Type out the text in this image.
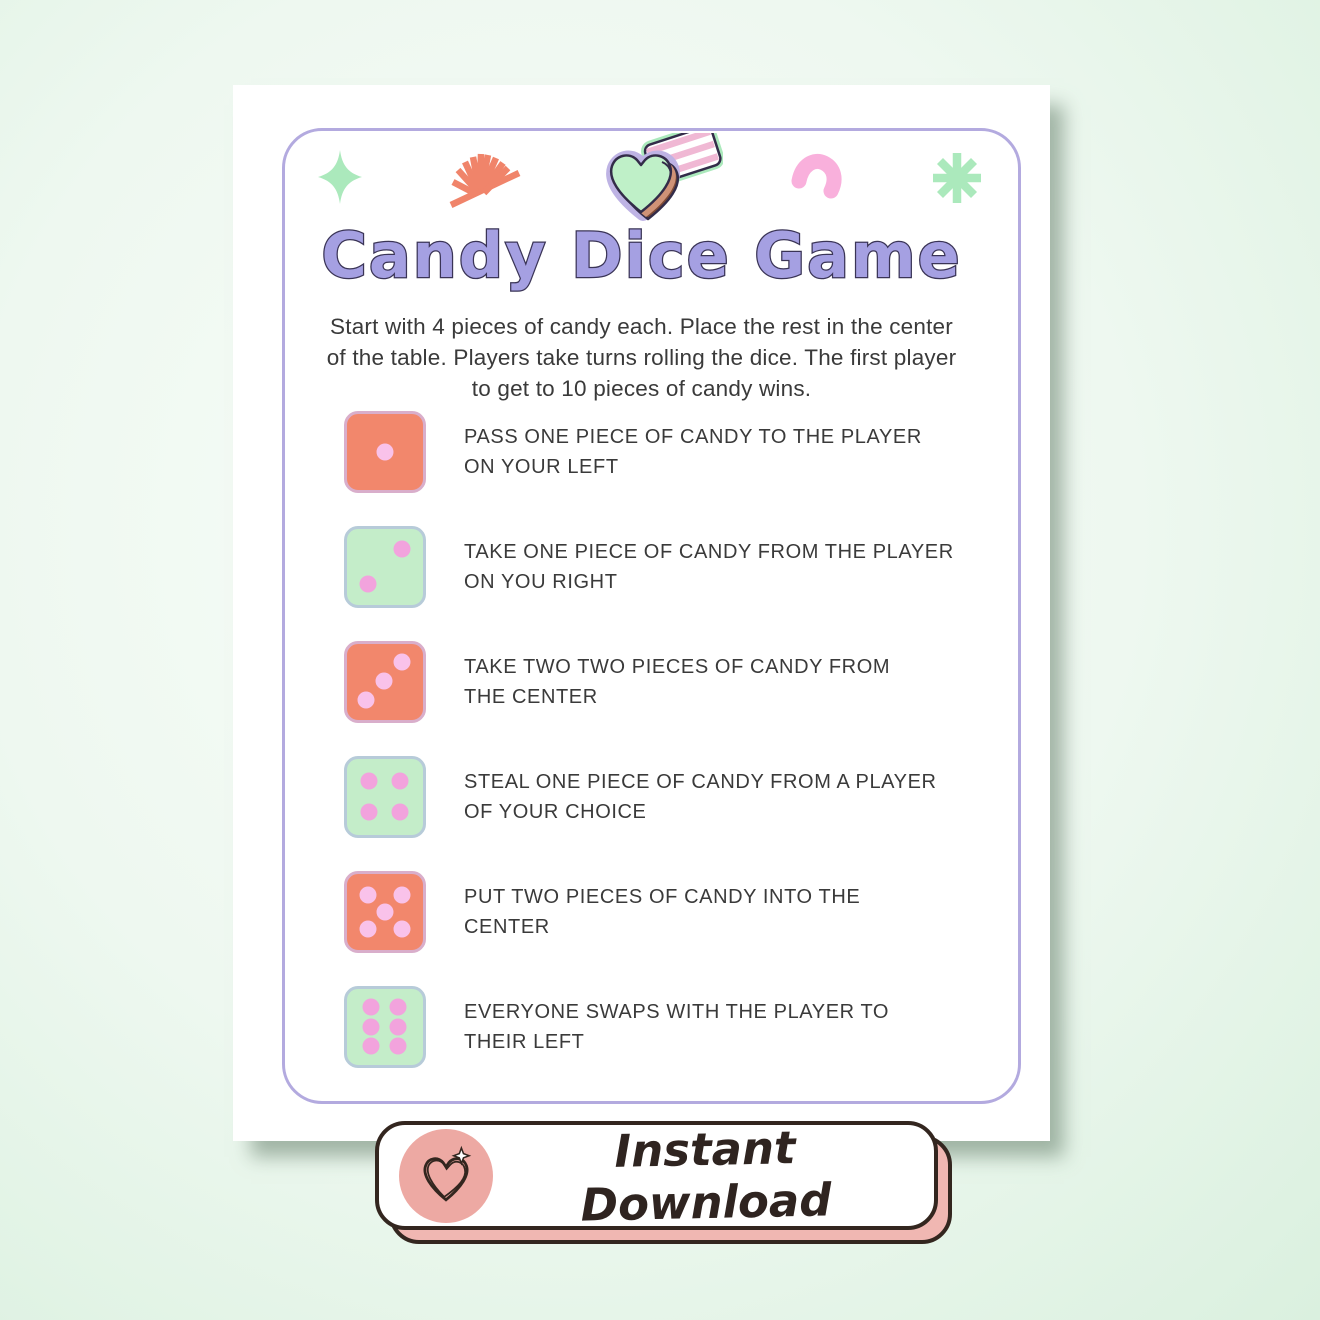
Candy Dice Game
Start with 4 pieces of candy each. Place the rest in the center
of the table. Players take turns rolling the dice. The first player
to get to 10 pieces of candy wins.
PASS ONE PIECE OF CANDY TO THE PLAYER
ON YOUR LEFT
TAKE ONE PIECE OF CANDY FROM THE PLAYER
ON YOU RIGHT
TAKE TWO TWO PIECES OF CANDY FROM
THE CENTER
STEAL ONE PIECE OF CANDY FROM A PLAYER
OF YOUR CHOICE
PUT TWO PIECES OF CANDY INTO THE
CENTER
EVERYONE SWAPS WITH THE PLAYER TO
THEIR LEFT
Instant Download
